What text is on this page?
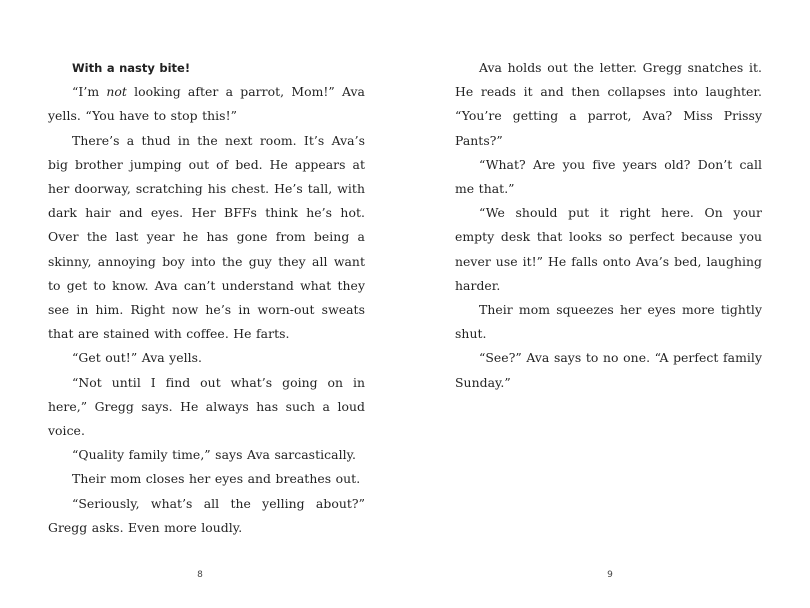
With a nasty bite!

“I’m not looking after a parrot, Mom!” Ava yells. “You have to stop this!”

There’s a thud in the next room. It’s Ava’s big brother jumping out of bed. He appears at her doorway, scratching his chest. He’s tall, with dark hair and eyes. Her BFFs think he’s hot. Over the last year he has gone from being a skinny, annoying boy into the guy they all want to get to know. Ava can’t understand what they see in him. Right now he’s in worn-out sweats that are stained with coffee. He farts.

“Get out!” Ava yells.

“Not until I find out what’s going on in here,” Gregg says. He always has such a loud voice.

“Quality family time,” says Ava sarcastically.

Their mom closes her eyes and breathes out.

“Seriously, what’s all the yelling about?” Gregg asks. Even more loudly.

Ava holds out the letter. Gregg snatches it. He reads it and then collapses into laughter. “You’re getting a parrot, Ava? Miss Prissy Pants?”

“What? Are you five years old? Don’t call me that.”

“We should put it right here. On your empty desk that looks so perfect because you never use it!” He falls onto Ava’s bed, laughing harder.

Their mom squeezes her eyes more tightly shut.

“See?” Ava says to no one. “A perfect family Sunday.”

8	9
